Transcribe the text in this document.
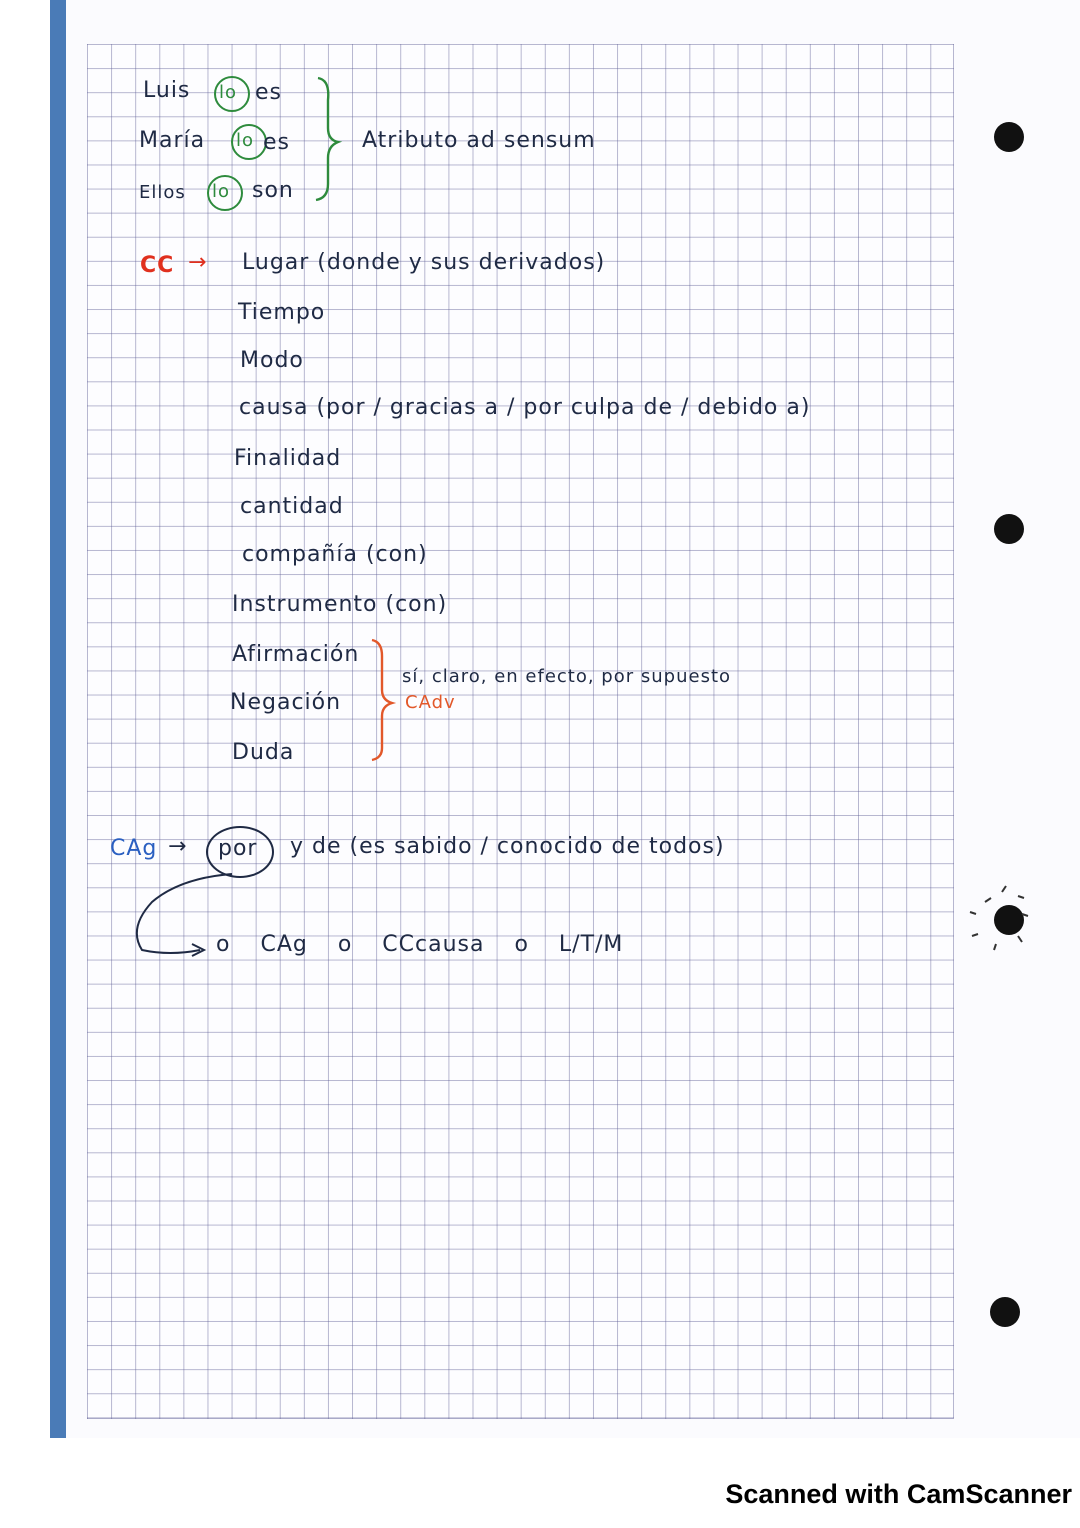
Luis lo es
María lo es
Ellos lo son
Atributo ad sensum
CC → Lugar (donde y sus derivados)
Tiempo
Modo
causa (por / gracias a / por culpa de / debido a)
Finalidad
cantidad
compañía (con)
Instrumento (con)
Afirmación
Negación
Duda
sí, claro, en efecto, por supuesto
CAdv
CAg → por y de (es sabido / conocido de todos)
o CAg o CCcausa o L/T/M
Scanned with CamScanner
